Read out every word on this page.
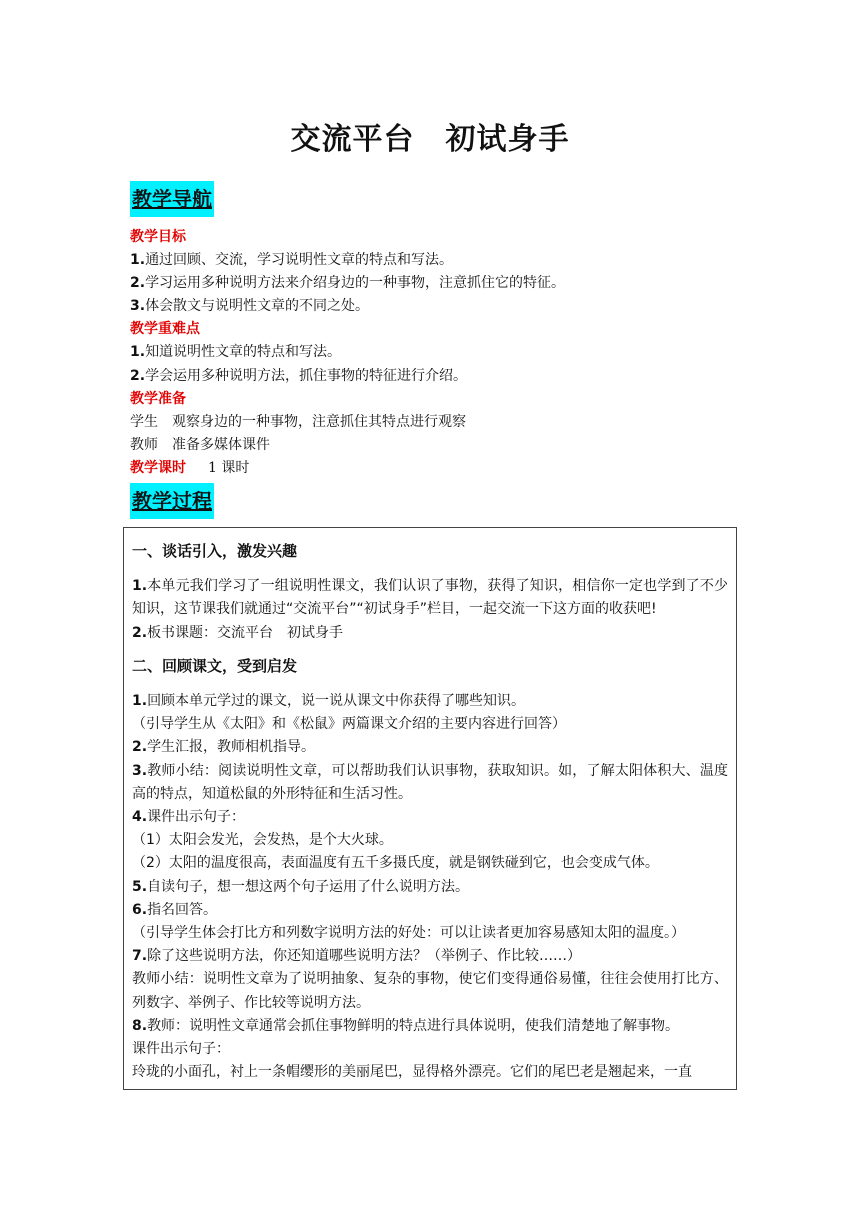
交流平台　初试身手
教学导航
教学目标
1.通过回顾、交流，学习说明性文章的特点和写法。
2.学习运用多种说明方法来介绍身边的一种事物，注意抓住它的特征。
3.体会散文与说明性文章的不同之处。
教学重难点
1.知道说明性文章的特点和写法。
2.学会运用多种说明方法，抓住事物的特征进行介绍。
教学准备
学生　 观察身边的一种事物，注意抓住其特点进行观察
教师　 准备多媒体课件
教学课时 1 课时
教学过程
一、谈话引入，激发兴趣

1.本单元我们学习了一组说明性课文，我们认识了事物，获得了知识，相信你一定也学到了不少知识，这节课我们就通过“交流平台”“初试身手”栏目，一起交流一下这方面的收获吧!

2.板书课题：交流平台　初试身手

二、回顾课文，受到启发

1.回顾本单元学过的课文，说一说从课文中你获得了哪些知识。

（引导学生从《太阳》和《松鼠》两篇课文介绍的主要内容进行回答）

2.学生汇报，教师相机指导。

3.教师小结：阅读说明性文章，可以帮助我们认识事物，获取知识。如，了解太阳体积大、温度高的特点，知道松鼠的外形特征和生活习性。

4.课件出示句子：

（1）太阳会发光，会发热，是个大火球。

（2）太阳的温度很高，表面温度有五千多摄氏度，就是钢铁碰到它，也会变成气体。

5.自读句子，想一想这两个句子运用了什么说明方法。

6.指名回答。

（引导学生体会打比方和列数字说明方法的好处：可以让读者更加容易感知太阳的温度。）

7.除了这些说明方法，你还知道哪些说明方法？（举例子、作比较……）

教师小结：说明性文章为了说明抽象、复杂的事物，使它们变得通俗易懂，往往会使用打比方、列数字、举例子、作比较等说明方法。

8.教师：说明性文章通常会抓住事物鲜明的特点进行具体说明，使我们清楚地了解事物。

课件出示句子：

玲珑的小面孔，衬上一条帽缨形的美丽尾巴，显得格外漂亮。它们的尾巴老是翘起来，一直
